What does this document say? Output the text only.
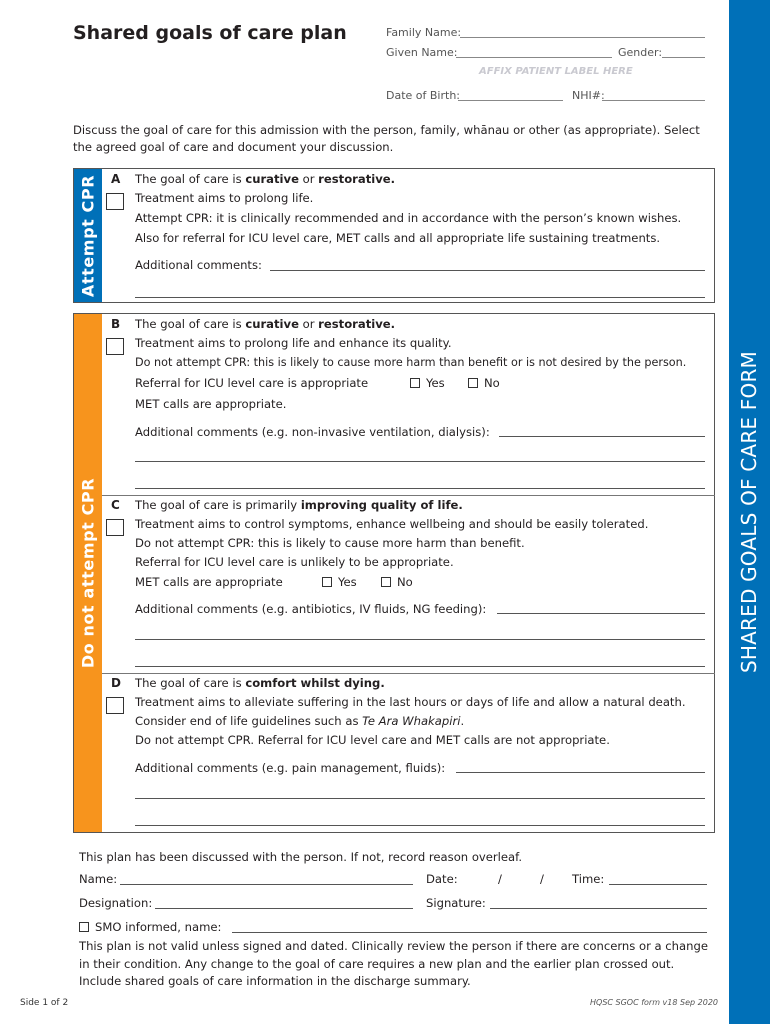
SHARED GOALS OF CARE FORM
Shared goals of care plan	Family Name:
Given Name:	Gender:
AFFIX PATIENT LABEL HERE
Date of Birth:	NHI#:
Discuss the goal of care for this admission with the person, family, whānau or other (as appropriate). Select the agreed goal of care and document your discussion.
Attempt CPR A The goal of care is curative or restorative.
Treatment aims to prolong life.
Attempt CPR: it is clinically recommended and in accordance with the person’s known wishes.
Also for referral for ICU level care, MET calls and all appropriate life sustaining treatments.
Additional comments:
Do not attempt CPR
B The goal of care is curative or restorative.
Treatment aims to prolong life and enhance its quality.
Do not attempt CPR: this is likely to cause more harm than benefit or is not desired by the person.
Referral for ICU level care is appropriate	Yes	No
MET calls are appropriate.
Additional comments (e.g. non-invasive ventilation, dialysis):
C The goal of care is primarily improving quality of life.
Treatment aims to control symptoms, enhance wellbeing and should be easily tolerated.
Do not attempt CPR: this is likely to cause more harm than benefit.
Referral for ICU level care is unlikely to be appropriate.
MET calls are appropriate	Yes	No
Additional comments (e.g. antibiotics, IV fluids, NG feeding):
D The goal of care is comfort whilst dying.
Treatment aims to alleviate suffering in the last hours or days of life and allow a natural death.
Consider end of life guidelines such as Te Ara Whakapiri.
Do not attempt CPR. Referral for ICU level care and MET calls are not appropriate.
Additional comments (e.g. pain management, fluids):
This plan has been discussed with the person. If not, record reason overleaf.
Name:	Date:	/	/ Time:
Designation:	Signature:
SMO informed, name:
This plan is not valid unless signed and dated. Clinically review the person if there are concerns or a change
in their condition. Any change to the goal of care requires a new plan and the earlier plan crossed out.
Include shared goals of care information in the discharge summary.
Side 1 of 2	HQSC SGOC form v18 Sep 2020
